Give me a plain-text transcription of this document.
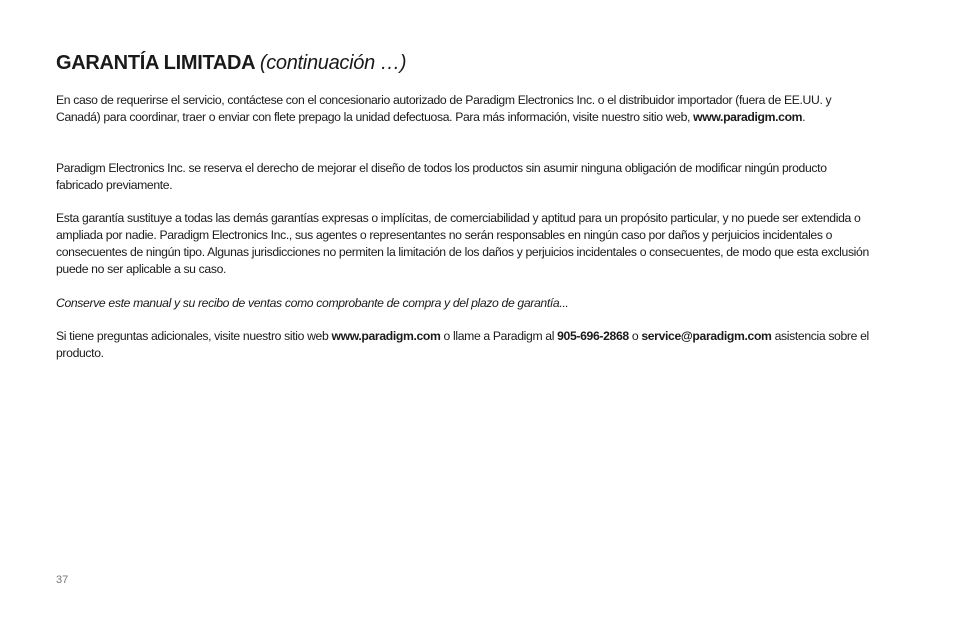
GARANTÍA LIMITADA (continuación …)

En caso de requerirse el servicio, contáctese con el concesionario autorizado de Paradigm Electronics Inc. o el distribuidor importador (fuera de EE.UU. y Canadá) para coordinar, traer o enviar con flete prepago la unidad defectuosa. Para más información, visite nuestro sitio web, www.paradigm.com.

Paradigm Electronics Inc. se reserva el derecho de mejorar el diseño de todos los productos sin asumir ninguna obligación de modificar ningún producto fabricado previamente.

Esta garantía sustituye a todas las demás garantías expresas o implícitas, de comerciabilidad y aptitud para un propósito particular, y no puede ser extendida o ampliada por nadie. Paradigm Electronics Inc., sus agentes o representantes no serán responsables en ningún caso por daños y perjuicios incidentales o consecuentes de ningún tipo. Algunas jurisdicciones no permiten la limitación de los daños y perjuicios incidentales o consecuentes, de modo que esta exclusión puede no ser aplicable a su caso.

Conserve este manual y su recibo de ventas como comprobante de compra y del plazo de garantía...

Si tiene preguntas adicionales, visite nuestro sitio web www.paradigm.com o llame a Paradigm al 905-696-2868 o service@paradigm.com asistencia sobre el producto.

37
